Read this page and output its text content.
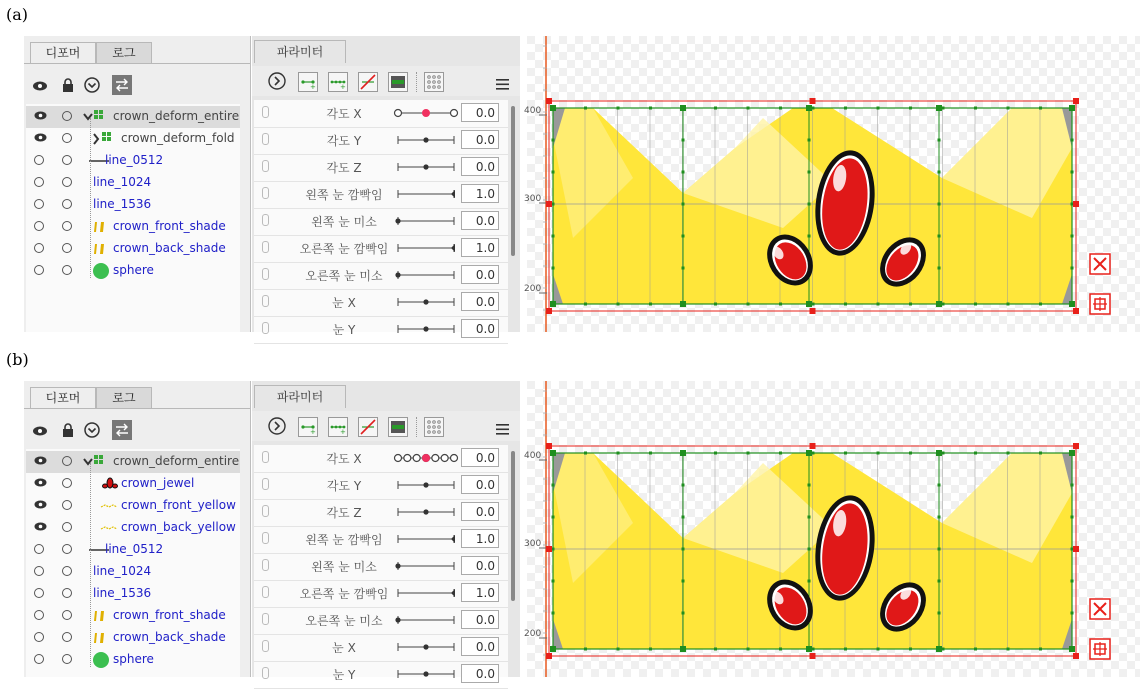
(a)
디포머	로그
crown_deform_entire
crown_deform_fold
line_0512
line_1024
line_1536
crown_front_shade
crown_back_shade
sphere
파라미터
+	+
각도 X	0.0
각도 Y	0.0
각도 Z	0.0
왼쪽 눈 깜빡임	1.0
왼쪽 눈 미소	0.0
오른쪽 눈 깜빡임	1.0
오른쪽 눈 미소	0.0
눈 X	0.0
눈 Y	0.0
400
300
200
(b)
디포머	로그
crown_deform_entire
crown_jewel
crown_front_yellow
crown_back_yellow
line_0512
line_1024
line_1536
crown_front_shade
crown_back_shade
sphere
파라미터
+	+
각도 X	0.0
각도 Y	0.0
각도 Z	0.0
왼쪽 눈 깜빡임	1.0
왼쪽 눈 미소	0.0
오른쪽 눈 깜빡임	1.0
오른쪽 눈 미소	0.0
눈 X	0.0
눈 Y	0.0
400
300
200
